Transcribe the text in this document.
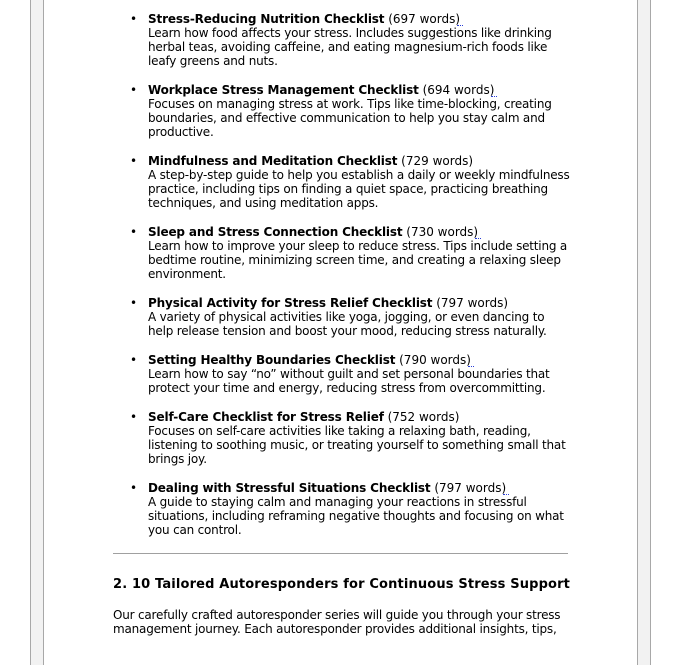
• Stress-Reducing Nutrition Checklist (697 words)
Learn how food affects your stress. Includes suggestions like drinking herbal teas, avoiding caffeine, and eating magnesium-rich foods like leafy greens and nuts.
• Workplace Stress Management Checklist (694 words)
Focuses on managing stress at work. Tips like time-blocking, creating boundaries, and effective communication to help you stay calm and productive.
• Mindfulness and Meditation Checklist (729 words)
A step-by-step guide to help you establish a daily or weekly mindfulness practice, including tips on finding a quiet space, practicing breathing techniques, and using meditation apps.
• Sleep and Stress Connection Checklist (730 words)
Learn how to improve your sleep to reduce stress. Tips include setting a bedtime routine, minimizing screen time, and creating a relaxing sleep environment.
• Physical Activity for Stress Relief Checklist (797 words)
A variety of physical activities like yoga, jogging, or even dancing to help release tension and boost your mood, reducing stress naturally.
• Setting Healthy Boundaries Checklist (790 words)
Learn how to say “no” without guilt and set personal boundaries that protect your time and energy, reducing stress from overcommitting.
• Self-Care Checklist for Stress Relief (752 words)
Focuses on self-care activities like taking a relaxing bath, reading, listening to soothing music, or treating yourself to something small that brings joy.
• Dealing with Stressful Situations Checklist (797 words)
A guide to staying calm and managing your reactions in stressful situations, including reframing negative thoughts and focusing on what you can control.
2. 10 Tailored Autoresponders for Continuous Stress Support
Our carefully crafted autoresponder series will guide you through your stress management journey. Each autoresponder provides additional insights, tips,
